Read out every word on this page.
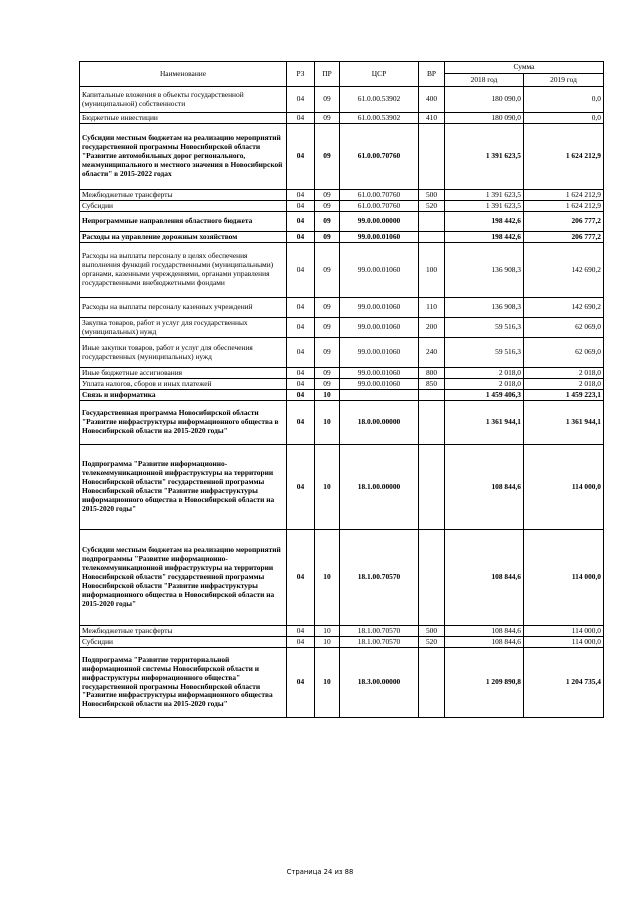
Наименование	РЗ	ПР	ЦСР	ВР	Сумма	
					2018 год	2019 год
Капитальные вложения в объекты государственной (муниципальной) собственности	04	09	61.0.00.53902	400	180 090,0	0,0
Бюджетные инвестиции	04	09	61.0.00.53902	410	180 090,0	0,0
Субсидии местным бюджетам на реализацию мероприятий государственной программы Новосибирской области "Развитие автомобильных дорог регионального, межмуниципального и местного значения в Новосибирской области" в 2015-2022 годах	04	09	61.0.00.70760		1 391 623,5	1 624 212,9
Межбюджетные трансферты	04	09	61.0.00.70760	500	1 391 623,5	1 624 212,9
Субсидии	04	09	61.0.00.70760	520	1 391 623,5	1 624 212,9
Непрограммные направления областного бюджета	04	09	99.0.00.00000		198 442,6	206 777,2
Расходы на управление дорожным хозяйством	04	09	99.0.00.01060		198 442,6	206 777,2
Расходы на выплаты персоналу в целях обеспечения выполнения функций государственными (муниципальными) органами, казенными учреждениями, органами управления государственными внебюджетными фондами	04	09	99.0.00.01060	100	136 908,3	142 690,2
Расходы на выплаты персоналу казенных учреждений	04	09	99.0.00.01060	110	136 908,3	142 690,2
Закупка товаров, работ и услуг для государственных (муниципальных) нужд	04	09	99.0.00.01060	200	59 516,3	62 069,0
Иные закупки товаров, работ и услуг для обеспечения государственных (муниципальных) нужд	04	09	99.0.00.01060	240	59 516,3	62 069,0
Иные бюджетные ассигнования	04	09	99.0.00.01060	800	2 018,0	2 018,0
Уплата налогов, сборов и иных платежей	04	09	99.0.00.01060	850	2 018,0	2 018,0
Связь и информатика	04	10			1 459 406,3	1 459 223,1
Государственная программа Новосибирской области "Развитие инфраструктуры информационного общества в Новосибирской области на 2015-2020 годы"	04	10	18.0.00.00000		1 361 944,1	1 361 944,1
Подпрограмма "Развитие информационно-телекоммуникационной инфраструктуры на территории Новосибирской области" государственной программы Новосибирской области "Развитие инфраструктуры информационного общества в Новосибирской области на 2015-2020 годы"	04	10	18.1.00.00000		108 844,6	114 000,0
Субсидии местным бюджетам на реализацию мероприятий подпрограммы "Развитие информационно-телекоммуникационной инфраструктуры на территории Новосибирской области" государственной программы Новосибирской области "Развитие инфраструктуры информационного общества в Новосибирской области на 2015-2020 годы"	04	10	18.1.00.70570		108 844,6	114 000,0
Межбюджетные трансферты	04	10	18.1.00.70570	500	108 844,6	114 000,0
Субсидии	04	10	18.1.00.70570	520	108 844,6	114 000,0
Подпрограмма "Развитие территориальной информационной системы Новосибирской области и инфраструктуры информационного общества" государственной программы Новосибирской области "Развитие инфраструктуры информационного общества Новосибирской области на 2015-2020 годы"	04	10	18.3.00.00000		1 209 890,8	1 204 735,4
Страница 24 из 88
